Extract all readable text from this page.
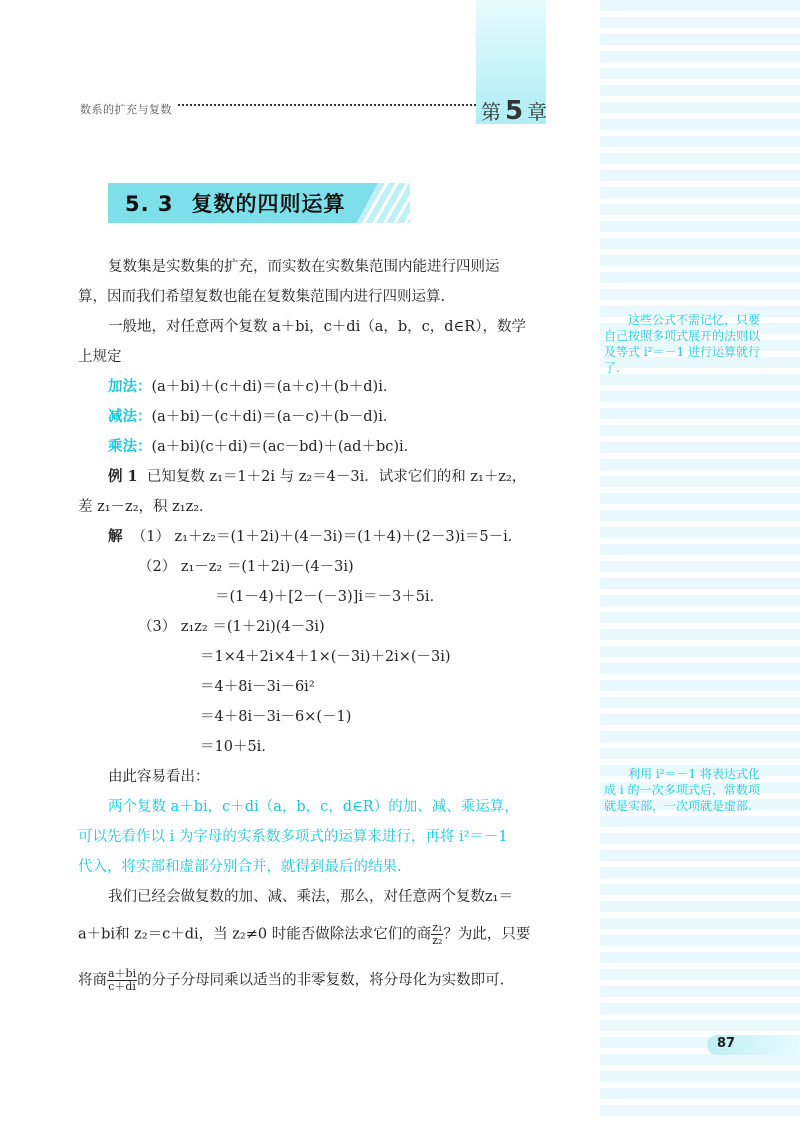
数系的扩充与复数	第 5 章
5. 3 复数的四则运算
复数集是实数集的扩充，而实数在实数集范围内能进行四则运
算，因而我们希望复数也能在复数集范围内进行四则运算.
一般地，对任意两个复数 a＋bi，c＋di（a，b，c，d∈R），数学
上规定
加法：(a＋bi)＋(c＋di)＝(a＋c)＋(b＋d)i．
减法：(a＋bi)－(c＋di)＝(a－c)＋(b－d)i．
乘法：(a＋bi)(c＋di)＝(ac－bd)＋(ad＋bc)i．
例 1 已知复数 z₁＝1＋2i 与 z₂＝4－3i．试求它们的和 z₁＋z₂，
差 z₁－z₂，积 z₁z₂．
解 （1） z₁＋z₂＝(1＋2i)＋(4－3i)＝(1＋4)＋(2－3)i＝5－i．
（2） z₁－z₂ ＝(1＋2i)－(4－3i)
＝(1－4)＋[2－(－3)]i＝－3＋5i．
（3） z₁z₂ ＝(1＋2i)(4－3i)
＝1×4＋2i×4＋1×(－3i)＋2i×(－3i)
＝4＋8i－3i－6i²
＝4＋8i－3i－6×(－1)
＝10＋5i．
由此容易看出：
两个复数 a＋bi，c＋di（a，b，c，d∈R）的加、减、乘运算，
可以先看作以 i 为字母的实系数多项式的运算来进行，再将 i²＝－1
代入，将实部和虚部分别合并，就得到最后的结果.
我们已经会做复数的加、减、乘法，那么，对任意两个复数z₁＝
a＋bi和 z₂＝c＋di，当 z₂≠0 时能否做除法求它们的商 $\frac{\text{z₁}}{\text{z₂}}$ ？为此，只要
将商 $\frac{a+bi}{c+di}$ 的分子分母同乘以适当的非零复数，将分母化为实数即可.
这些公式不需记忆，只要自己按照多项式展开的法则以及等式 i²＝－1 进行运算就行了.
利用 i²＝－1 将表达式化成 i 的一次多项式后，常数项就是实部，一次项就是虚部.
87
